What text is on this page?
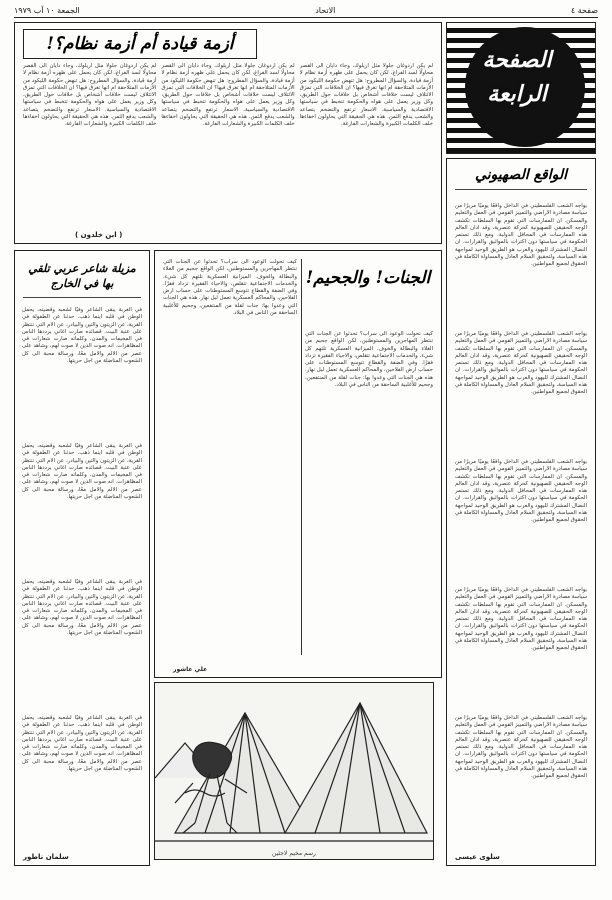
صفحة ٤
الاتحاد
الجمعة ١٠ آب ١٩٧٩
الصفحة الرابعة
أزمة قيادة أم أزمة نظام؟!
لم يكن أردوغان جلولًا مثل أريلوك، وجاء دايان الى القصر محاولًا لسد الفراغ، لكن كان يحمل على ظهره أزمة نظام لا أزمة قيادة، والسؤال المطروح: هل تنهض حكومة الليكود من الأزمات المتلاحقة ام انها تغرق فيها؟ ان الخلافات التي تمزق الائتلاف ليست خلافات أشخاص بل خلافات حول الطريق، وكل وزير يعمل على هواه والحكومة تتخبط في سياستها الاقتصادية والسياسية. الاسعار ترتفع والتضخم يتصاعد والشعب يدفع الثمن. هذه هي الحقيقة التي يحاولون اخفاءها خلف الكلمات الكبيرة والشعارات الفارغة.
لم يكن أردوغان جلولًا مثل أريلوك، وجاء دايان الى القصر محاولًا لسد الفراغ، لكن كان يحمل على ظهره أزمة نظام لا أزمة قيادة، والسؤال المطروح: هل تنهض حكومة الليكود من الأزمات المتلاحقة ام انها تغرق فيها؟ ان الخلافات التي تمزق الائتلاف ليست خلافات أشخاص بل خلافات حول الطريق، وكل وزير يعمل على هواه والحكومة تتخبط في سياستها الاقتصادية والسياسية. الاسعار ترتفع والتضخم يتصاعد والشعب يدفع الثمن. هذه هي الحقيقة التي يحاولون اخفاءها خلف الكلمات الكبيرة والشعارات الفارغة.
لم يكن أردوغان جلولًا مثل أريلوك، وجاء دايان الى القصر محاولًا لسد الفراغ، لكن كان يحمل على ظهره أزمة نظام لا أزمة قيادة، والسؤال المطروح: هل تنهض حكومة الليكود من الأزمات المتلاحقة ام انها تغرق فيها؟ ان الخلافات التي تمزق الائتلاف ليست خلافات أشخاص بل خلافات حول الطريق، وكل وزير يعمل على هواه والحكومة تتخبط في سياستها الاقتصادية والسياسية. الاسعار ترتفع والتضخم يتصاعد والشعب يدفع الثمن. هذه هي الحقيقة التي يحاولون اخفاءها خلف الكلمات الكبيرة والشعارات الفارغة.
( ابن خلدون )
الواقع الصهيوني
يواجه الشعب الفلسطيني في الداخل واقعًا يوميًا مريرًا من سياسة مصادرة الاراضي والتمييز القومي في العمل والتعليم والمسكن. ان الممارسات التي تقوم بها السلطات تكشف الوجه الحقيقي للصهيونية كحركة عنصرية، وقد ادان العالم هذه الممارسات في المحافل الدولية. ومع ذلك تستمر الحكومة في سياستها دون اكتراث بالمواثيق والقرارات. ان النضال المشترك لليهود والعرب هو الطريق الوحيد لمواجهة هذه السياسة، ولتحقيق السلام العادل والمساواة الكاملة في الحقوق لجميع المواطنين.
يواجه الشعب الفلسطيني في الداخل واقعًا يوميًا مريرًا من سياسة مصادرة الاراضي والتمييز القومي في العمل والتعليم والمسكن. ان الممارسات التي تقوم بها السلطات تكشف الوجه الحقيقي للصهيونية كحركة عنصرية، وقد ادان العالم هذه الممارسات في المحافل الدولية. ومع ذلك تستمر الحكومة في سياستها دون اكتراث بالمواثيق والقرارات. ان النضال المشترك لليهود والعرب هو الطريق الوحيد لمواجهة هذه السياسة، ولتحقيق السلام العادل والمساواة الكاملة في الحقوق لجميع المواطنين.
يواجه الشعب الفلسطيني في الداخل واقعًا يوميًا مريرًا من سياسة مصادرة الاراضي والتمييز القومي في العمل والتعليم والمسكن. ان الممارسات التي تقوم بها السلطات تكشف الوجه الحقيقي للصهيونية كحركة عنصرية، وقد ادان العالم هذه الممارسات في المحافل الدولية. ومع ذلك تستمر الحكومة في سياستها دون اكتراث بالمواثيق والقرارات. ان النضال المشترك لليهود والعرب هو الطريق الوحيد لمواجهة هذه السياسة، ولتحقيق السلام العادل والمساواة الكاملة في الحقوق لجميع المواطنين.
يواجه الشعب الفلسطيني في الداخل واقعًا يوميًا مريرًا من سياسة مصادرة الاراضي والتمييز القومي في العمل والتعليم والمسكن. ان الممارسات التي تقوم بها السلطات تكشف الوجه الحقيقي للصهيونية كحركة عنصرية، وقد ادان العالم هذه الممارسات في المحافل الدولية. ومع ذلك تستمر الحكومة في سياستها دون اكتراث بالمواثيق والقرارات. ان النضال المشترك لليهود والعرب هو الطريق الوحيد لمواجهة هذه السياسة، ولتحقيق السلام العادل والمساواة الكاملة في الحقوق لجميع المواطنين.
يواجه الشعب الفلسطيني في الداخل واقعًا يوميًا مريرًا من سياسة مصادرة الاراضي والتمييز القومي في العمل والتعليم والمسكن. ان الممارسات التي تقوم بها السلطات تكشف الوجه الحقيقي للصهيونية كحركة عنصرية، وقد ادان العالم هذه الممارسات في المحافل الدولية. ومع ذلك تستمر الحكومة في سياستها دون اكتراث بالمواثيق والقرارات. ان النضال المشترك لليهود والعرب هو الطريق الوحيد لمواجهة هذه السياسة، ولتحقيق السلام العادل والمساواة الكاملة في الحقوق لجميع المواطنين.
سلوى عيسى
الجنات! والجحيم!
كيف تحولت الوعود الى سراب؟ تحدثوا عن الجنات التي تنتظر المهاجرين والمستوطنين، لكن الواقع جحيم من الغلاء والبطالة والخوف. الميزانية العسكرية تلتهم كل شيء، والخدمات الاجتماعية تتقلص، والاحياء الفقيرة تزداد فقرًا. وفي الضفة والقطاع تتوسع المستوطنات على حساب ارض الفلاحين، والمحاكم العسكرية تعمل ليل نهار. هذه هي الجنات التي وعدوا بها: جنات لقلة من المنتفعين، وجحيم للأغلبية الساحقة من الناس في البلاد.
كيف تحولت الوعود الى سراب؟ تحدثوا عن الجنات التي تنتظر المهاجرين والمستوطنين، لكن الواقع جحيم من الغلاء والبطالة والخوف. الميزانية العسكرية تلتهم كل شيء، والخدمات الاجتماعية تتقلص، والاحياء الفقيرة تزداد فقرًا. وفي الضفة والقطاع تتوسع المستوطنات على حساب ارض الفلاحين، والمحاكم العسكرية تعمل ليل نهار. هذه هي الجنات التي وعدوا بها: جنات لقلة من المنتفعين، وجحيم للأغلبية الساحقة من الناس في البلاد.
علي عاشور
مزيلة شاعر عربي تلقي بها في الخارج
في الغربة يبقى الشاعر وفيًا لشعبه وقضيته، يحمل الوطن في قلبه اينما ذهب. حدثنا عن الطفولة في القرية، عن الزيتون والتين والبيادر، عن الام التي تنتظر على عتبة البيت. قصائده صارت اغاني يرددها الناس في المخيمات والمدن، وكلماته صارت شعارات في المظاهرات. انه صوت الذين لا صوت لهم، وشاهد على عصر من الالم والامل معًا، ورسالة محبة الى كل الشعوب المناضلة من اجل حريتها.
في الغربة يبقى الشاعر وفيًا لشعبه وقضيته، يحمل الوطن في قلبه اينما ذهب. حدثنا عن الطفولة في القرية، عن الزيتون والتين والبيادر، عن الام التي تنتظر على عتبة البيت. قصائده صارت اغاني يرددها الناس في المخيمات والمدن، وكلماته صارت شعارات في المظاهرات. انه صوت الذين لا صوت لهم، وشاهد على عصر من الالم والامل معًا، ورسالة محبة الى كل الشعوب المناضلة من اجل حريتها.
في الغربة يبقى الشاعر وفيًا لشعبه وقضيته، يحمل الوطن في قلبه اينما ذهب. حدثنا عن الطفولة في القرية، عن الزيتون والتين والبيادر، عن الام التي تنتظر على عتبة البيت. قصائده صارت اغاني يرددها الناس في المخيمات والمدن، وكلماته صارت شعارات في المظاهرات. انه صوت الذين لا صوت لهم، وشاهد على عصر من الالم والامل معًا، ورسالة محبة الى كل الشعوب المناضلة من اجل حريتها.
في الغربة يبقى الشاعر وفيًا لشعبه وقضيته، يحمل الوطن في قلبه اينما ذهب. حدثنا عن الطفولة في القرية، عن الزيتون والتين والبيادر، عن الام التي تنتظر على عتبة البيت. قصائده صارت اغاني يرددها الناس في المخيمات والمدن، وكلماته صارت شعارات في المظاهرات. انه صوت الذين لا صوت لهم، وشاهد على عصر من الالم والامل معًا، ورسالة محبة الى كل الشعوب المناضلة من اجل حريتها.
سلمان ناطور	رسم مخيم لاجئين
